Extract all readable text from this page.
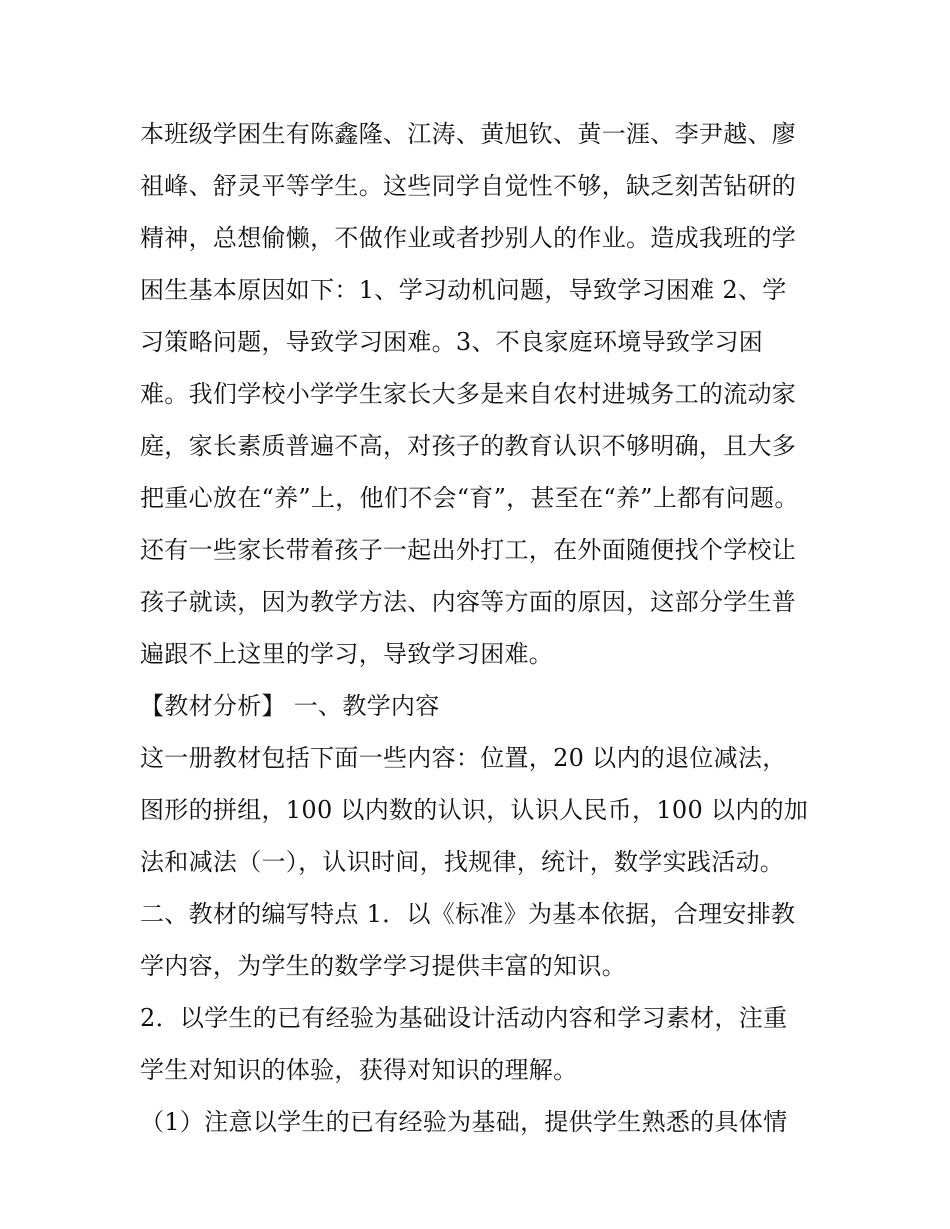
本班级学困生有陈鑫隆、江涛、黄旭钦、黄一涯、李尹越、廖
祖峰、舒灵平等学生。这些同学自觉性不够，缺乏刻苦钻研的
精神，总想偷懒，不做作业或者抄别人的作业。造成我班的学
困生基本原因如下：1、学习动机问题，导致学习困难 2、学
习策略问题，导致学习困难。3、不良家庭环境导致学习困
难。我们学校小学学生家长大多是来自农村进城务工的流动家
庭，家长素质普遍不高，对孩子的教育认识不够明确，且大多
把重心放在“养”上，他们不会“育”，甚至在“养”上都有问题。
还有一些家长带着孩子一起出外打工，在外面随便找个学校让
孩子就读，因为教学方法、内容等方面的原因，这部分学生普
遍跟不上这里的学习，导致学习困难。
【教材分析】 一、教学内容
这一册教材包括下面一些内容：位置，20 以内的退位减法，
图形的拼组，100 以内数的认识，认识人民币，100 以内的加
法和减法（一），认识时间，找规律，统计，数学实践活动。
二、教材的编写特点 1．以《标准》为基本依据，合理安排教
学内容，为学生的数学学习提供丰富的知识。
2．以学生的已有经验为基础设计活动内容和学习素材，注重
学生对知识的体验，获得对知识的理解。
（1）注意以学生的已有经验为基础，提供学生熟悉的具体情
